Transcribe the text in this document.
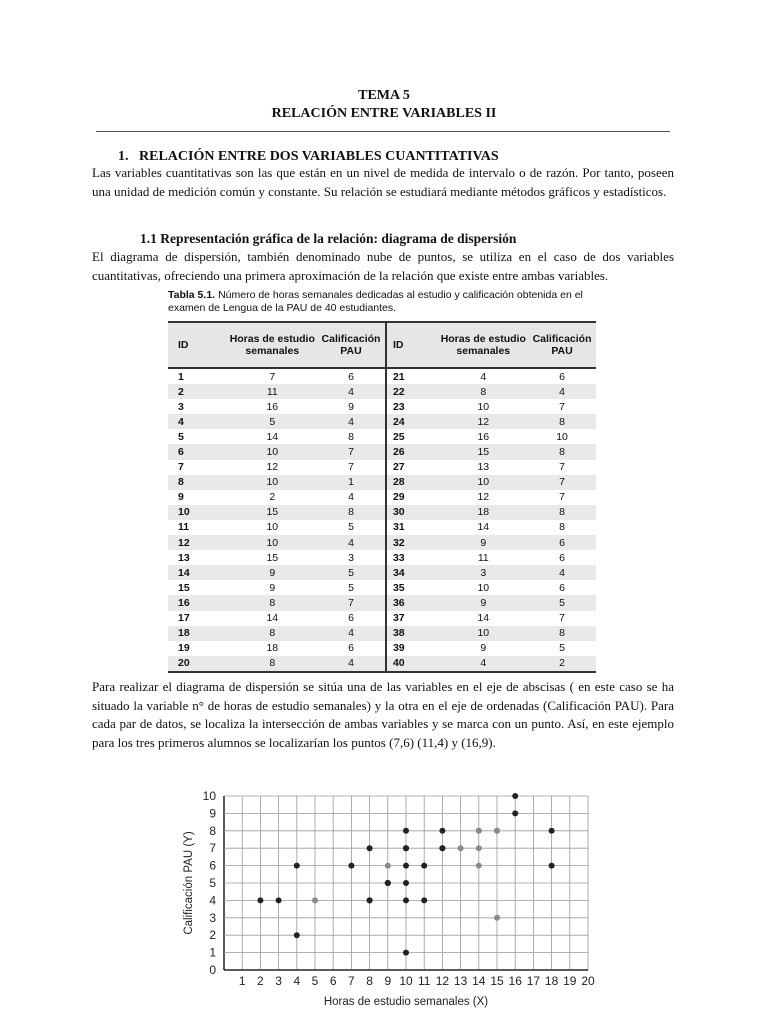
TEMA 5
RELACIÓN ENTRE VARIABLES II
1.   RELACIÓN ENTRE DOS VARIABLES CUANTITATIVAS
Las variables cuantitativas son las que están en un nivel de medida de intervalo o de razón. Por tanto, poseen una unidad de medición común y constante. Su relación se estudiará mediante métodos gráficos y estadísticos.
1.1 Representación gráfica de la relación: diagrama de dispersión
El diagrama de dispersión, también denominado nube de puntos, se utiliza en el caso de dos variables cuantitativas, ofreciendo una primera aproximación de la relación que existe entre ambas variables.
Tabla 5.1. Número de horas semanales dedicadas al estudio y calificación obtenida en el examen de Lengua de la PAU de 40 estudiantes.
ID	Horas de estudio semanales	Calificación PAU	ID	Horas de estudio semanales	Calificación PAU
1	7	6	21	4	6
2	11	4	22	8	4
3	16	9	23	10	7
4	5	4	24	12	8
5	14	8	25	16	10
6	10	7	26	15	8
7	12	7	27	13	7
8	10	1	28	10	7
9	2	4	29	12	7
10	15	8	30	18	8
11	10	5	31	14	8
12	10	4	32	9	6
13	15	3	33	11	6
14	9	5	34	3	4
15	9	5	35	10	6
16	8	7	36	9	5
17	14	6	37	14	7
18	8	4	38	10	8
19	18	6	39	9	5
20	8	4	40	4	2
Para realizar el diagrama de dispersión se sitúa una de las variables en el eje de abscisas ( en este caso se ha situado la variable n° de horas de estudio semanales) y la otra en el eje de ordenadas (Calificación PAU). Para cada par de datos, se localiza la intersección de ambas variables y se marca con un punto. Así, en este ejemplo para los tres primeros alumnos se localizarían los puntos (7,6) (11,4) y (16,9).
1 2 3 4 5 6 7 8 9 10 11 12 13 14 15 16 17 18 19 20
0
1
2
3
4
5
6
7
8
9
10
Horas de estudio semanales (X)
Calificación PAU (Y)
